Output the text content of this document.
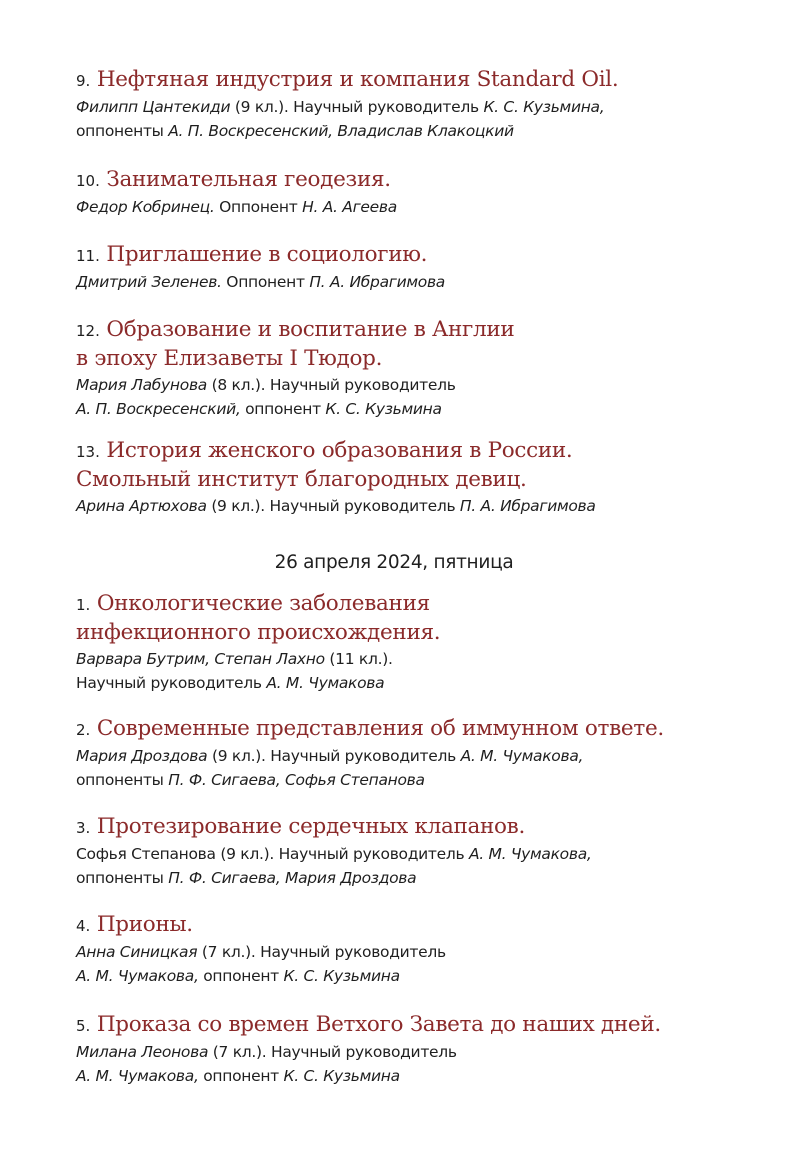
9. Нефтяная индустрия и компания Standard Oil.
Филипп Цантекиди (9 кл.). Научный руководитель К. С. Кузьмина,
оппоненты А. П. Воскресенский, Владислав Клакоцкий
10. Занимательная геодезия.
Федор Кобринец. Оппонент Н. А. Агеева
11. Приглашение в социологию.
Дмитрий Зеленев. Оппонент П. А. Ибрагимова
12. Образование и воспитание в Англии
в эпоху Елизаветы I Тюдор.
Мария Лабунова (8 кл.). Научный руководитель
А. П. Воскресенский, оппонент К. С. Кузьмина
13. История женского образования в России.
Смольный институт благородных девиц.
Арина Артюхова (9 кл.). Научный руководитель П. А. Ибрагимова
26 апреля 2024, пятница
1. Онкологические заболевания
инфекционного происхождения.
Варвара Бутрим, Степан Лахно (11 кл.).
Научный руководитель А. М. Чумакова
2. Современные представления об иммунном ответе.
Мария Дроздова (9 кл.). Научный руководитель А. М. Чумакова,
оппоненты П. Ф. Сигаева, Софья Степанова
3. Протезирование сердечных клапанов.
Софья Степанова (9 кл.). Научный руководитель А. М. Чумакова,
оппоненты П. Ф. Сигаева, Мария Дроздова
4. Прионы.
Анна Синицкая (7 кл.). Научный руководитель
А. М. Чумакова, оппонент К. С. Кузьмина
5. Проказа со времен Ветхого Завета до наших дней.
Милана Леонова (7 кл.). Научный руководитель
А. М. Чумакова, оппонент К. С. Кузьмина
